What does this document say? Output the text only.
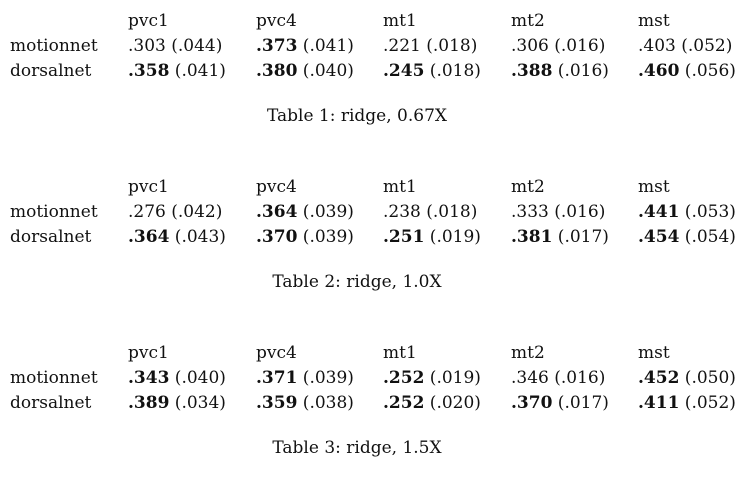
pvc1	pvc4	mt1	mt2	mst
motionnet .303 (.044) .373 (.041) .221 (.018) .306 (.016) .403 (.052)
dorsalnet .358 (.041) .380 (.040) .245 (.018) .388 (.016) .460 (.056)
Table 1: ridge, 0.67X
pvc1	pvc4	mt1	mt2	mst
motionnet .276 (.042) .364 (.039) .238 (.018) .333 (.016) .441 (.053)
dorsalnet .364 (.043) .370 (.039) .251 (.019) .381 (.017) .454 (.054)
Table 2: ridge, 1.0X
pvc1	pvc4	mt1	mt2	mst
motionnet .343 (.040) .371 (.039) .252 (.019) .346 (.016) .452 (.050)
dorsalnet .389 (.034) .359 (.038) .252 (.020) .370 (.017) .411 (.052)
Table 3: ridge, 1.5X
